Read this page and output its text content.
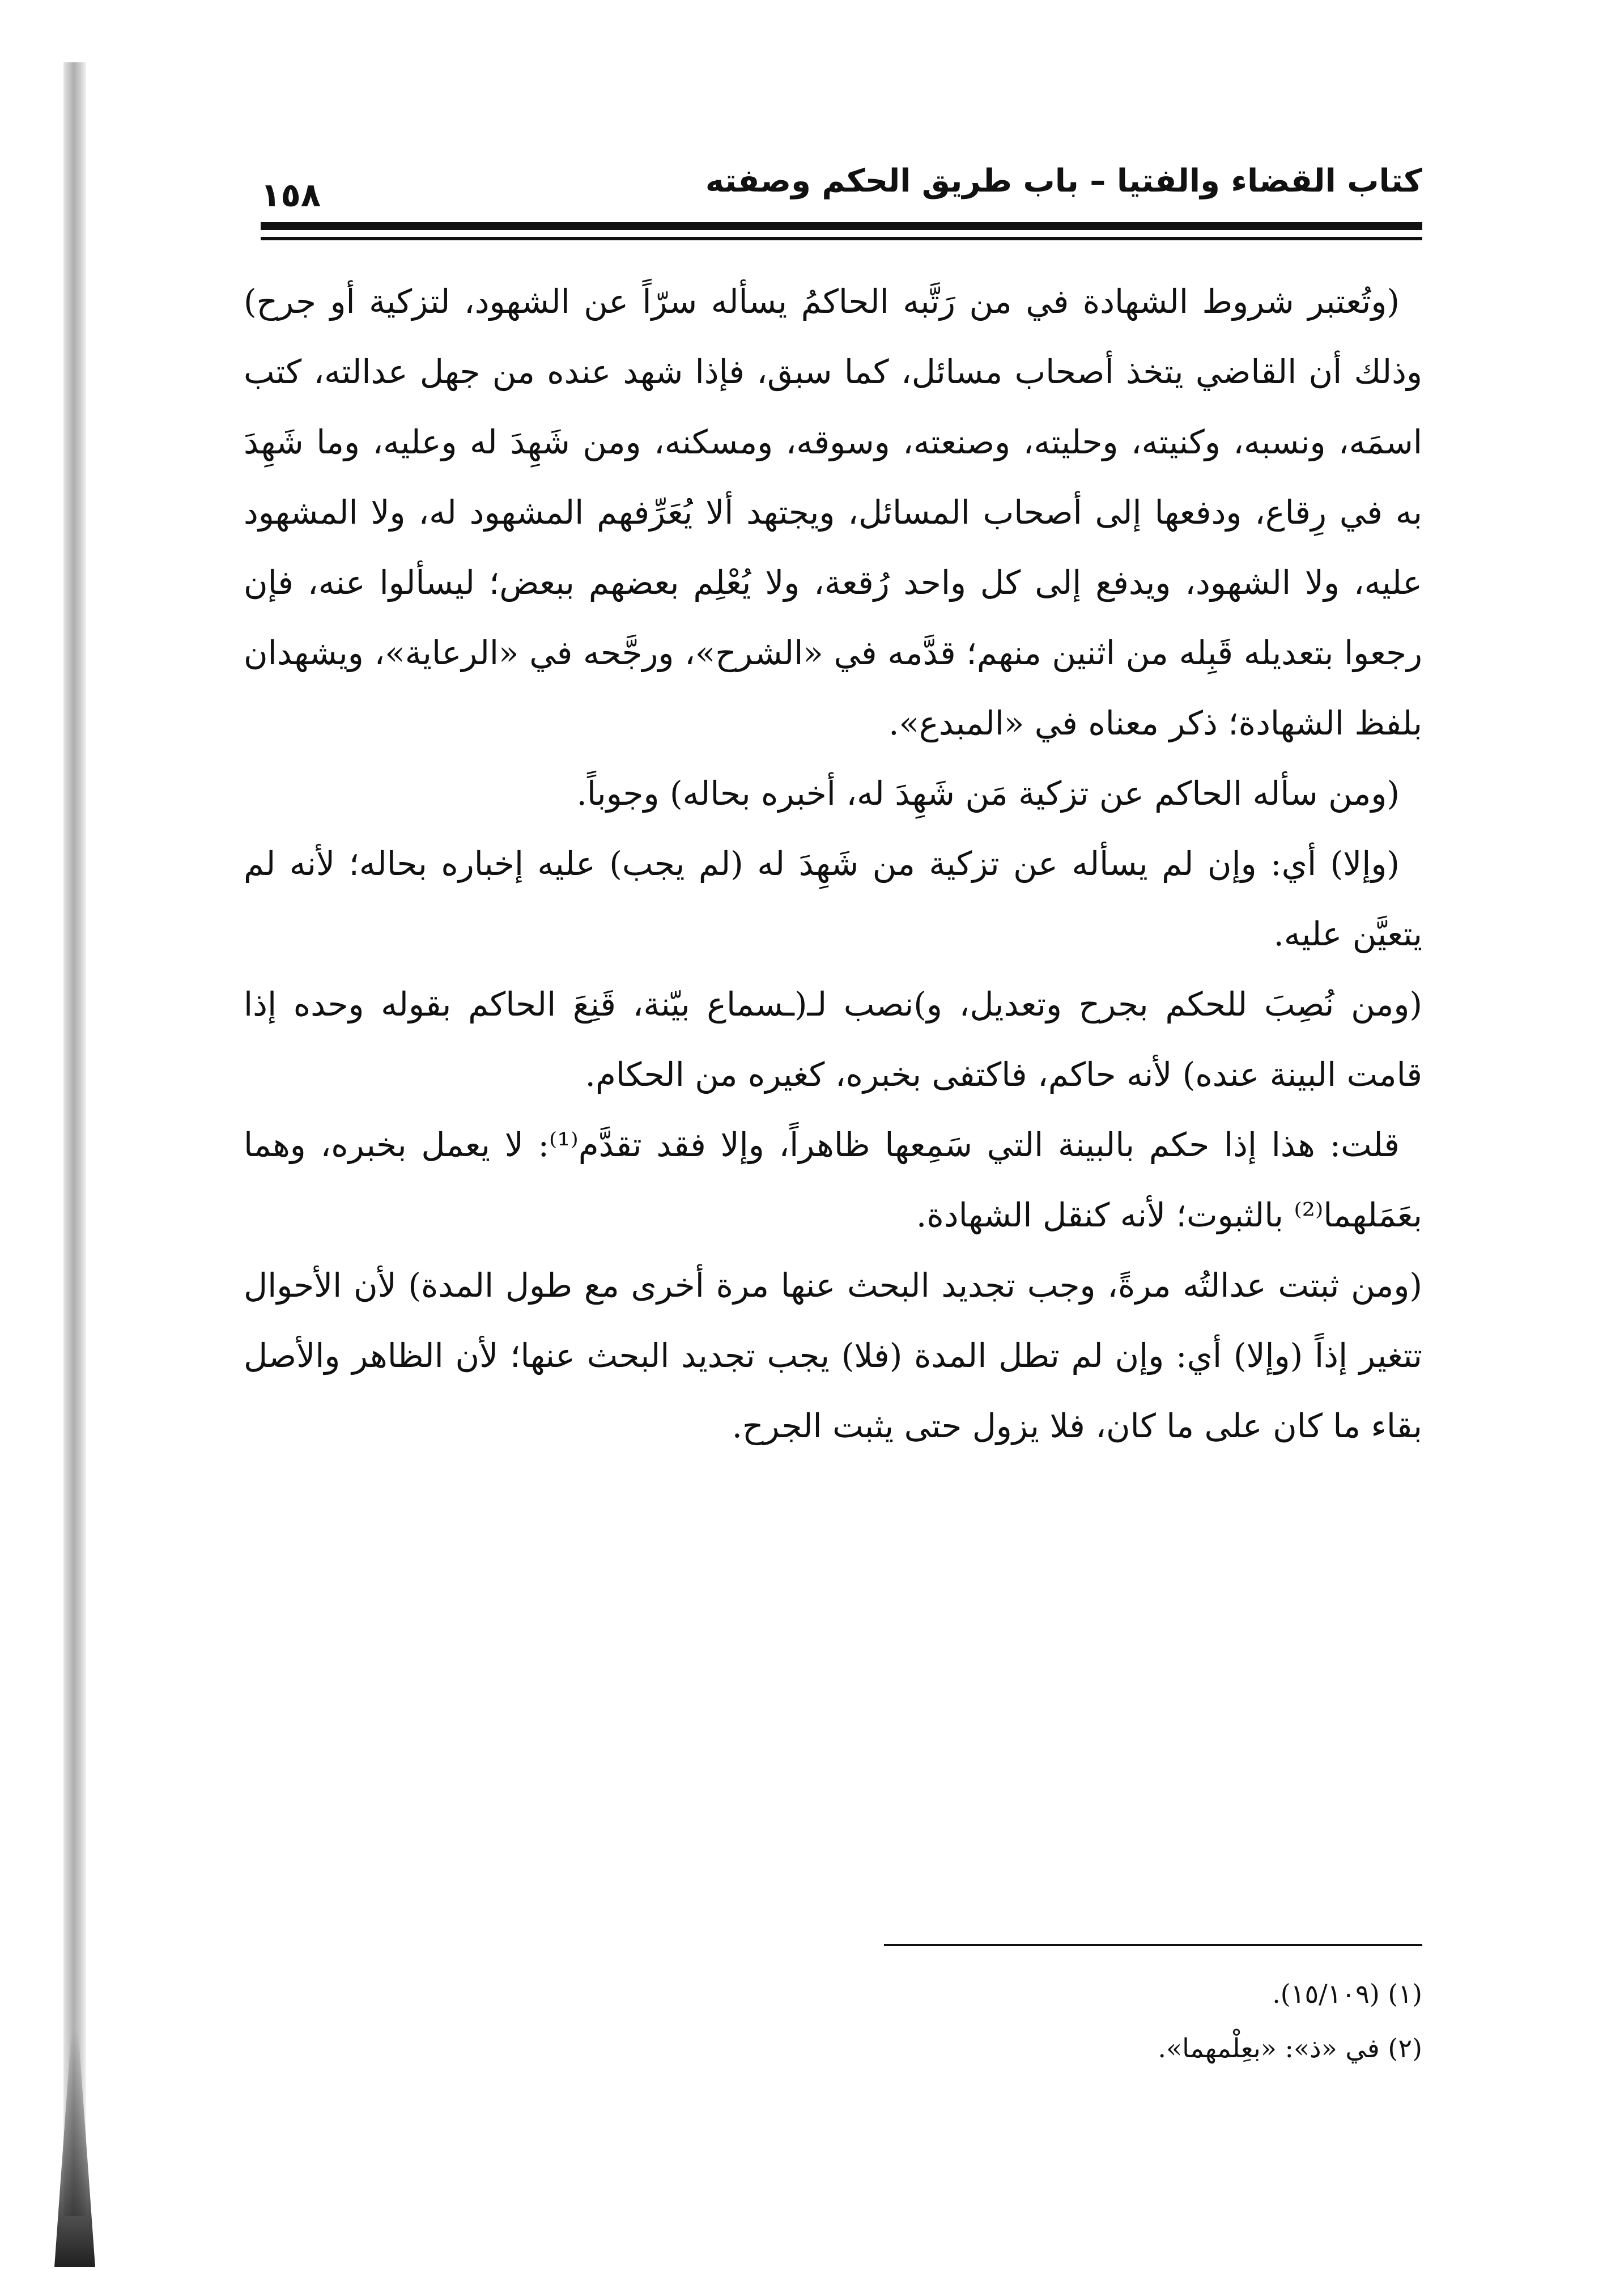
كتاب القضاء والفتيا – باب طريق الحكم وصفته
١٥٨

(وتُعتبر شروط الشهادة في من رَتَّبه الحاكمُ يسأله سرّاً عن الشهود، لتزكية أو جرح) وذلك أن القاضي يتخذ أصحاب مسائل، كما سبق، فإذا شهد عنده من جهل عدالته، كتب اسمَه، ونسبه، وكنيته، وحليته، وصنعته، وسوقه، ومسكنه، ومن شَهِدَ له وعليه، وما شَهِدَ به في رِقاع، ودفعها إلى أصحاب المسائل، ويجتهد ألا يُعَرِّفهم المشهود له، ولا المشهود عليه، ولا الشهود، ويدفع إلى كل واحد رُقعة، ولا يُعْلِم بعضهم ببعض؛ ليسألوا عنه، فإن رجعوا بتعديله قَبِله من اثنين منهم؛ قدَّمه في «الشرح»، ورجَّحه في «الرعاية»، ويشهدان بلفظ الشهادة؛ ذكر معناه في «المبدع».

(ومن سأله الحاكم عن تزكية مَن شَهِدَ له، أخبره بحاله) وجوباً.

(وإلا) أي: وإن لم يسأله عن تزكية من شَهِدَ له (لم يجب) عليه إخباره بحاله؛ لأنه لم يتعيَّن عليه.

(ومن نُصِبَ للحكم بجرح وتعديل، و)نصب لـ(ـسماع بيّنة، قَنِعَ الحاكم بقوله وحده إذا قامت البينة عنده) لأنه حاكم، فاكتفى بخبره، كغيره من الحكام.

قلت: هذا إذا حكم بالبينة التي سَمِعها ظاهراً، وإلا فقد تقدَّم⁽¹⁾: لا يعمل بخبره، وهما بعَمَلهما⁽²⁾ بالثبوت؛ لأنه كنقل الشهادة.

(ومن ثبتت عدالتُه مرةً، وجب تجديد البحث عنها مرة أخرى مع طول المدة) لأن الأحوال تتغير إذاً (وإلا) أي: وإن لم تطل المدة (فلا) يجب تجديد البحث عنها؛ لأن الظاهر والأصل بقاء ما كان على ما كان، فلا يزول حتى يثبت الجرح.

(١) (١٥/١٠٩).

(٢) في «ذ»: «بعِلْمهما».
